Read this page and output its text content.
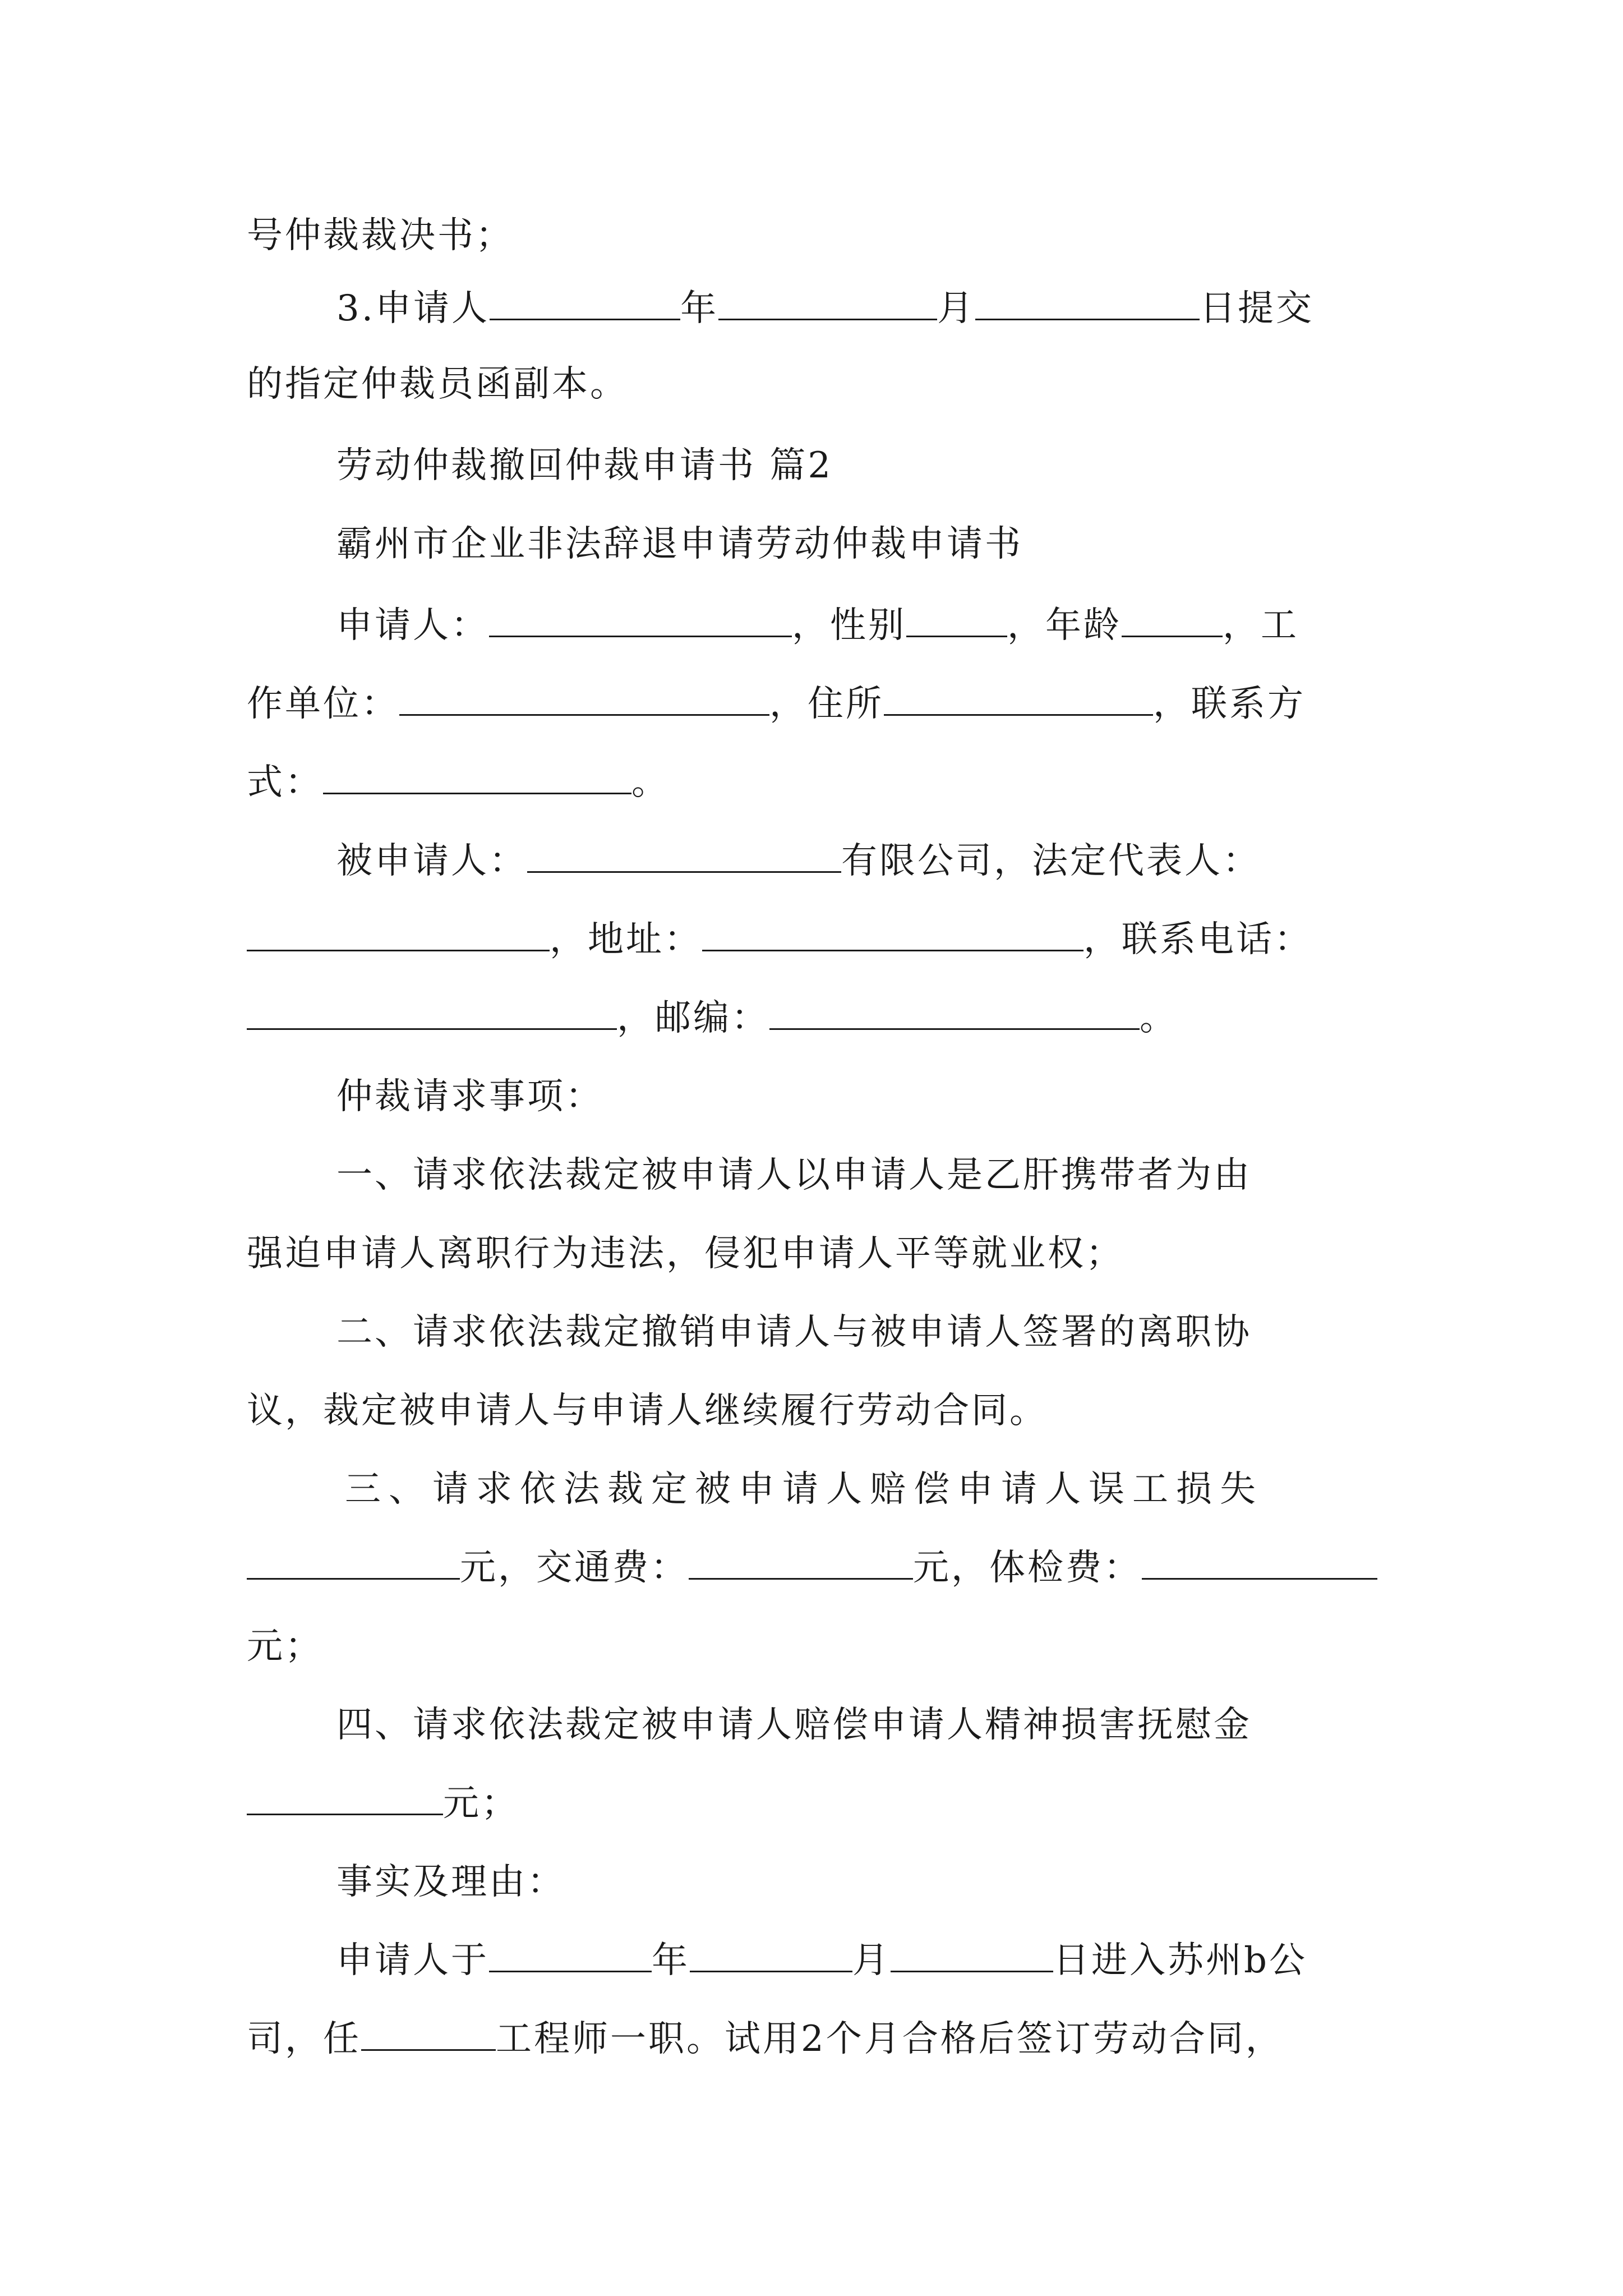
号仲裁裁决书；
3.申请人	年	月	日提交
的指定仲裁员函副本。
劳动仲裁撤回仲裁申请书 篇2
霸州市企业非法辞退申请劳动仲裁申请书
申请人：	，性别	，年龄	，工
作单位：	，住所	，联系方
式：	。
被申请人：	有限公司，法定代表人：
，地址：	，联系电话：
，邮编：	。
仲裁请求事项：
一、请求依法裁定被申请人以申请人是乙肝携带者为由
强迫申请人离职行为违法，侵犯申请人平等就业权；
二、请求依法裁定撤销申请人与被申请人签署的离职协
议，裁定被申请人与申请人继续履行劳动合同。
三、请求依法裁定被申请人赔偿申请人误工损失
元，交通费：	元，体检费：
元；
四、请求依法裁定被申请人赔偿申请人精神损害抚慰金
元；
事实及理由：
申请人于	年	月	日进入苏州b公
司，任	工程师一职。试用2个月合格后签订劳动合同，
